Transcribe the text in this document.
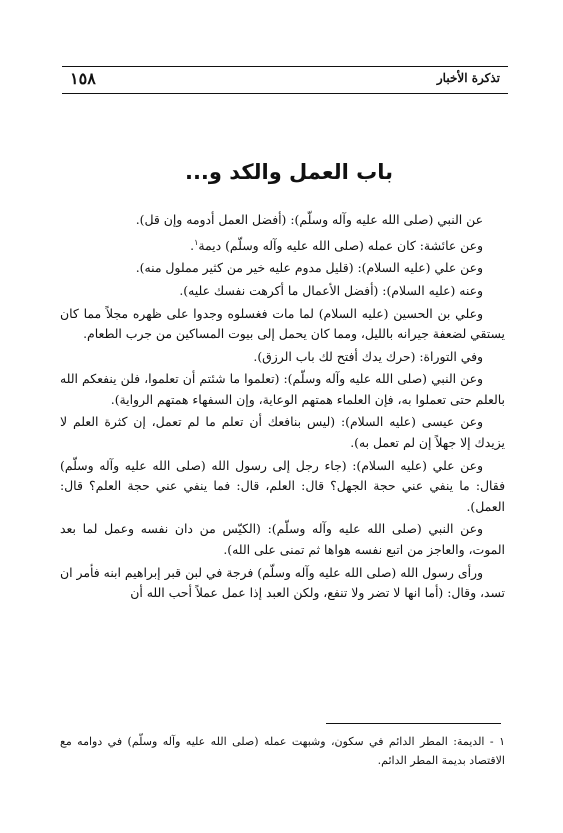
تذكرة الأخبار
١٥٨
باب العمل والكد و...

عن النبي (صلى الله عليه وآله وسلّم): (أفضل العمل أدومه وإن قل).

وعن عائشة: كان عمله (صلى الله عليه وآله وسلّم) ديمة$^١$.

وعن علي (عليه السلام): (قليل مدوم عليه خير من كثير مملول منه).

وعنه (عليه السلام): (أفضل الأعمال ما أكرهت نفسك عليه).

وعلي بن الحسين (عليه السلام) لما مات فغسلوه وجدوا على ظهره مجلاً مما كان يستقي لضعفة جيرانه بالليل، ومما كان يحمل إلى بيوت المساكين من جرب الطعام.

وفي التوراة: (حرك يدك أفتح لك باب الرزق).

وعن النبي (صلى الله عليه وآله وسلّم): (تعلموا ما شئتم أن تعلموا، فلن ينفعكم الله بالعلم حتى تعملوا به، فإن العلماء همتهم الوعاية، وإن السفهاء همتهم الرواية).

وعن عيسى (عليه السلام): (ليس بنافعك أن تعلم ما لم تعمل، إن كثرة العلم لا يزيدك إلا جهلاً إن لم تعمل به).

وعن علي (عليه السلام): (جاء رجل إلى رسول الله (صلى الله عليه وآله وسلّم) فقال: ما ينفي عني حجة الجهل؟ قال: العلم، قال: فما ينفي عني حجة العلم؟ قال: العمل).

وعن النبي (صلى الله عليه وآله وسلّم): (الكيّس من دان نفسه وعمل لما بعد الموت، والعاجز من اتبع نفسه هواها ثم تمنى على الله).

ورأى رسول الله (صلى الله عليه وآله وسلّم) فرجة في لبن قبر إبراهيم ابنه فأمر ان تسد، وقال: (أما انها لا تضر ولا تنفع، ولكن العبد إذا عمل عملاً أحب الله أن

١ - الديمة: المطر الدائم في سكون، وشبهت عمله (صلى الله عليه وآله وسلّم) في دوامه مع الاقتصاد بديمة المطر الدائم.
